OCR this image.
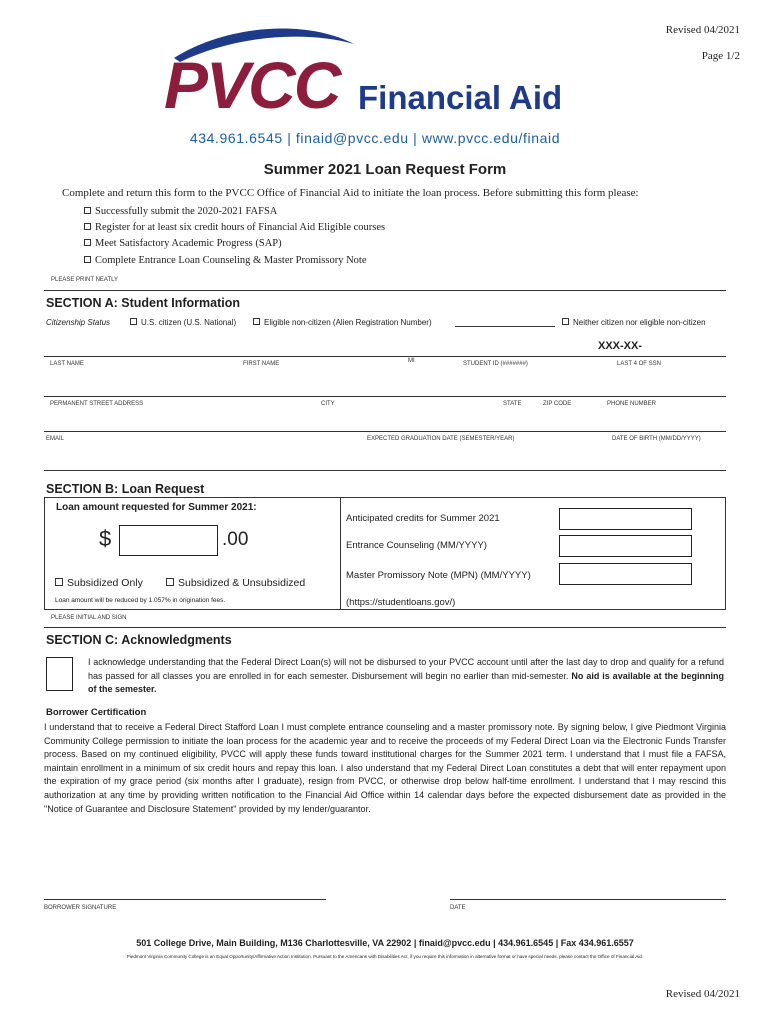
Revised 04/2021
Page 1/2
PVCC Financial Aid
434.961.6545 | finaid@pvcc.edu | www.pvcc.edu/finaid
Summer 2021 Loan Request Form
Complete and return this form to the PVCC Office of Financial Aid to initiate the loan process. Before submitting this form please:
Successfully submit the 2020-2021 FAFSA
Register for at least six credit hours of Financial Aid Eligible courses
Meet Satisfactory Academic Progress (SAP)
Complete Entrance Loan Counseling & Master Promissory Note
PLEASE PRINT NEATLY
SECTION A: Student Information
Citizenship Status	U.S. citizen (U.S. National)	Eligible non-citizen (Alien Registration Number)	Neither citizen nor eligible non-citizen
XXX-XX-
LAST NAME	FIRST NAME	MI	STUDENT ID (#######)	LAST 4 OF SSN
PERMANENT STREET ADDRESS	CITY	STATE	ZIP CODE	PHONE NUMBER
EMAIL	EXPECTED GRADUATION DATE (SEMESTER/YEAR)	DATE OF BIRTH (MM/DD/YYYY)
SECTION B: Loan Request
Loan amount requested for Summer 2021:
$	.00
Subsidized Only	Subsidized & Unsubsidized
Loan amount will be reduced by 1.057% in origination fees.
Anticipated credits for Summer 2021
Entrance Counseling (MM/YYYY)
Master Promissory Note (MPN) (MM/YYYY)
(https://studentloans.gov/)
PLEASE INITIAL AND SIGN
SECTION C: Acknowledgments
I acknowledge understanding that the Federal Direct Loan(s) will not be disbursed to your PVCC account until after the last day to drop and qualify for a refund has passed for all classes you are enrolled in for each semester. Disbursement will begin no earlier than mid-semester. No aid is available at the beginning of the semester.
Borrower Certification
I understand that to receive a Federal Direct Stafford Loan I must complete entrance counseling and a master promissory note. By signing below, I give Piedmont Virginia Community College permission to initiate the loan process for the academic year and to receive the proceeds of my Federal Direct Loan via the Electronic Funds Transfer process. Based on my continued eligibility, PVCC will apply these funds toward institutional charges for the Summer 2021 term. I understand that I must file a FAFSA, maintain enrollment in a minimum of six credit hours and repay this loan. I also understand that my Federal Direct Loan constitutes a debt that will enter repayment upon the expiration of my grace period (six months after I graduate), resign from PVCC, or otherwise drop below half-time enrollment. I understand that I may rescind this authorization at any time by providing written notification to the Financial Aid Office within 14 calendar days before the expected disbursement date as provided in the "Notice of Guarantee and Disclosure Statement" provided by my lender/guarantor.
BORROWER SIGNATURE	DATE
501 College Drive, Main Building, M136 Charlottesville, VA 22902 | finaid@pvcc.edu | 434.961.6545 | Fax 434.961.6557
Piedmont Virginia Community College is an Equal Opportunity/Affirmative Action Institution. Pursuant to the Americans with Disabilities Act, if you require this information in alternative format or have special needs, please contact the Office of Financial Aid.
Revised 04/2021
